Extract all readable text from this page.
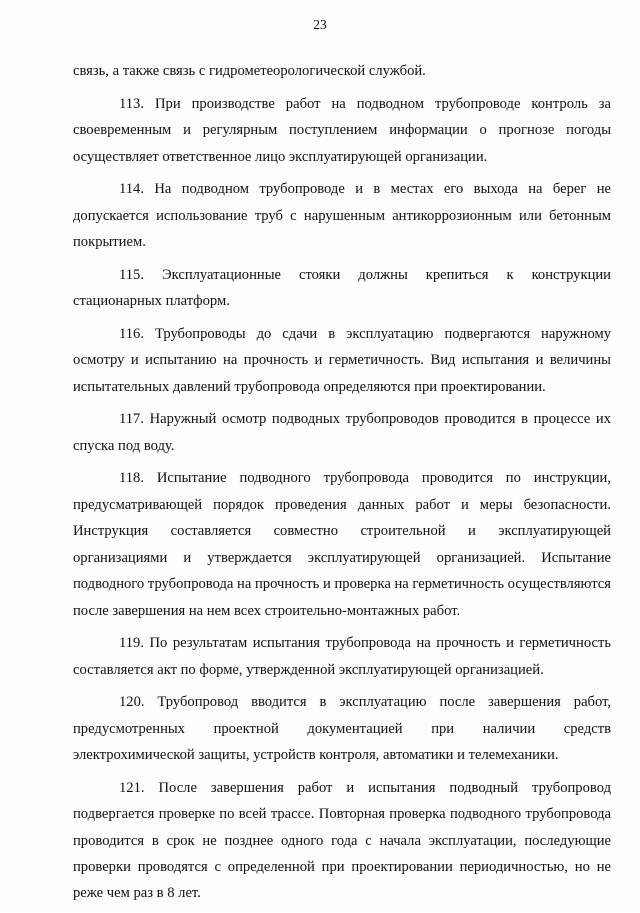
23

связь, а также связь с гидрометеорологической службой.

113. При производстве работ на подводном трубопроводе контроль за своевременным и регулярным поступлением информации о прогнозе погоды осуществляет ответственное лицо эксплуатирующей организации.

114. На подводном трубопроводе и в местах его выхода на берег не допускается использование труб с нарушенным антикоррозионным или бетонным покрытием.

115. Эксплуатационные стояки должны крепиться к конструкции стационарных платформ.

116. Трубопроводы до сдачи в эксплуатацию подвергаются наружному осмотру и испытанию на прочность и герметичность. Вид испытания и величины испытательных давлений трубопровода определяются при проектировании.

117. Наружный осмотр подводных трубопроводов проводится в процессе их спуска под воду.

118. Испытание подводного трубопровода проводится по инструкции, предусматривающей порядок проведения данных работ и меры безопасности. Инструкция составляется совместно строительной и эксплуатирующей организациями и утверждается эксплуатирующей организацией. Испытание подводного трубопровода на прочность и проверка на герметичность осуществляются после завершения на нем всех строительно-монтажных работ.

119. По результатам испытания трубопровода на прочность и герметичность составляется акт по форме, утвержденной эксплуатирующей организацией.

120. Трубопровод вводится в эксплуатацию после завершения работ, предусмотренных проектной документацией при наличии средств электрохимической защиты, устройств контроля, автоматики и телемеханики.

121. После завершения работ и испытания подводный трубопровод подвергается проверке по всей трассе. Повторная проверка подводного трубопровода проводится в срок не позднее одного года с начала эксплуатации, последующие проверки проводятся с определенной при проектировании периодичностью, но не реже чем раз в 8 лет.
